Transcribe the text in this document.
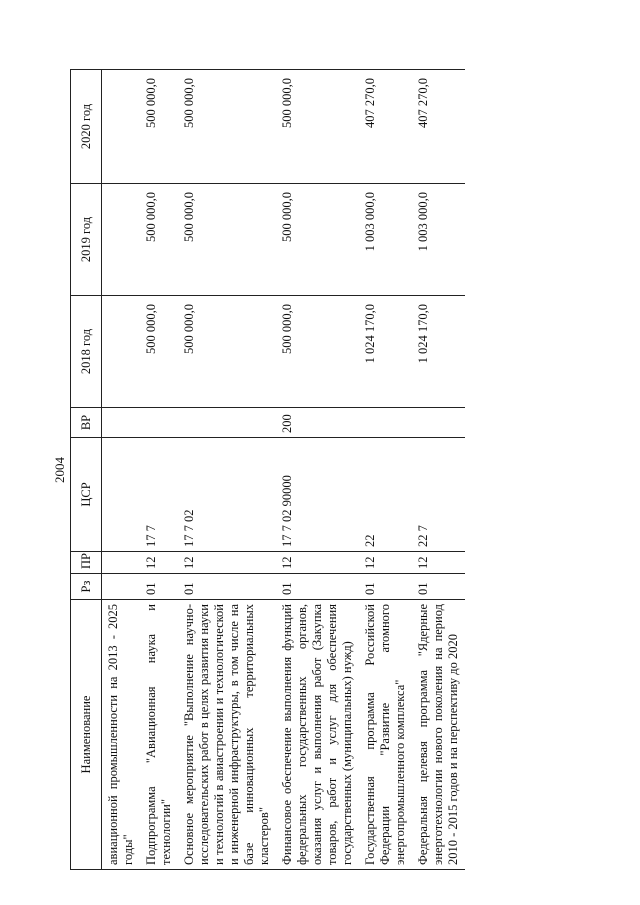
2004
Наименование	Рз	ПР	ЦСР	ВР	2018 год	2019 год	2020 год
авиационной промышленности на 2013 - 2025 годы"							
Подпрограмма "Авиационная наука и технологии"	01	12	17 7		500 000,0	500 000,0	500 000,0
Основное мероприятие "Выполнение научно-исследовательских работ в целях развития науки и технологий в авиастроении и технологической и инженерной инфраструктуры, в том числе на базе инновационных территориальных кластеров"	01	12	17 7 02		500 000,0	500 000,0	500 000,0
Финансовое обеспечение выполнения функций федеральных государственных органов, оказания услуг и выполнения работ (Закупка товаров, работ и услуг для обеспечения государственных (муниципальных) нужд)	01	12	17 7 02 90000	200	500 000,0	500 000,0	500 000,0
Государственная программа Российской Федерации "Развитие атомного энергопромышленного комплекса"	01	12	22		1 024 170,0	1 003 000,0	407 270,0
Федеральная целевая программа "Ядерные энерготехнологии нового поколения на период 2010 - 2015 годов и на перспективу до 2020	01	12	22 7		1 024 170,0	1 003 000,0	407 270,0
